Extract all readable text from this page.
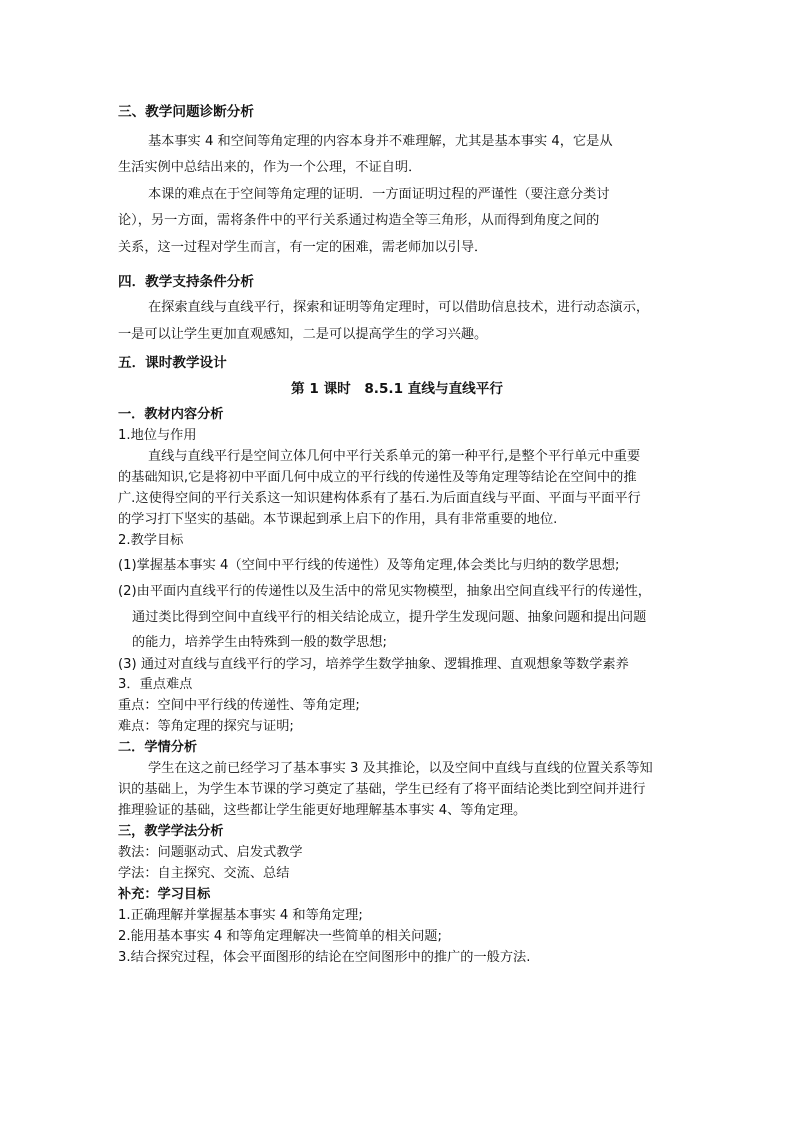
三、教学问题诊断分析
基本事实 4 和空间等角定理的内容本身并不难理解，尤其是基本事实 4，它是从
生活实例中总结出来的，作为一个公理，不证自明．
本课的难点在于空间等角定理的证明．一方面证明过程的严谨性（要注意分类讨
论），另一方面，需将条件中的平行关系通过构造全等三角形，从而得到角度之间的
关系，这一过程对学生而言，有一定的困难，需老师加以引导．
四．教学支持条件分析
在探索直线与直线平行，探索和证明等角定理时，可以借助信息技术，进行动态演示，
一是可以让学生更加直观感知，二是可以提高学生的学习兴趣。
五．课时教学设计
第 1 课时　8.5.1 直线与直线平行
一．教材内容分析
1.地位与作用
直线与直线平行是空间立体几何中平行关系单元的第一种平行,是整个平行单元中重要
的基础知识,它是将初中平面几何中成立的平行线的传递性及等角定理等结论在空间中的推
广.这使得空间的平行关系这一知识建构体系有了基石.为后面直线与平面、平面与平面平行
的学习打下坚实的基础。本节课起到承上启下的作用，具有非常重要的地位.
2.教学目标
(1)掌握基本事实 4（空间中平行线的传递性）及等角定理,体会类比与归纳的数学思想;
(2)由平面内直线平行的传递性以及生活中的常见实物模型，抽象出空间直线平行的传递性，
通过类比得到空间中直线平行的相关结论成立，提升学生发现问题、抽象问题和提出问题
的能力，培养学生由特殊到一般的数学思想;
(3) 通过对直线与直线平行的学习，培养学生数学抽象、逻辑推理、直观想象等数学素养
3．重点难点
重点：空间中平行线的传递性、等角定理;
难点：等角定理的探究与证明;
二．学情分析
学生在这之前已经学习了基本事实 3 及其推论，以及空间中直线与直线的位置关系等知
识的基础上，为学生本节课的学习奠定了基础，学生已经有了将平面结论类比到空间并进行
推理验证的基础，这些都让学生能更好地理解基本事实 4、等角定理。
三，教学学法分析
教法：问题驱动式、启发式教学
学法：自主探究、交流、总结
补充：学习目标
1.正确理解并掌握基本事实 4 和等角定理;
2.能用基本事实 4 和等角定理解决一些简单的相关问题;
3.结合探究过程，体会平面图形的结论在空间图形中的推广的一般方法.
